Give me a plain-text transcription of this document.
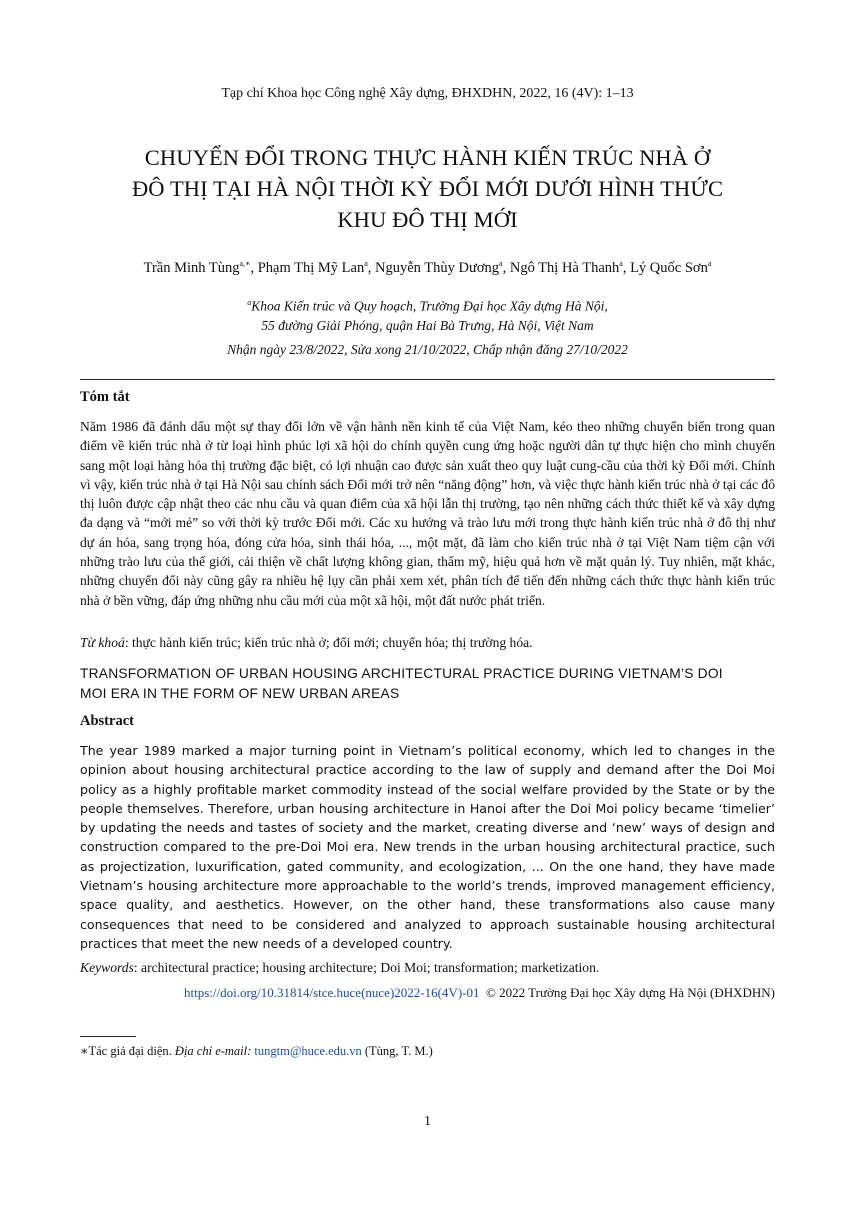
Tạp chí Khoa học Công nghệ Xây dựng, ĐHXDHN, 2022, 16 (4V): 1–13
CHUYỂN ĐỔI TRONG THỰC HÀNH KIẾN TRÚC NHÀ Ở
ĐÔ THỊ TẠI HÀ NỘI THỜI KỲ ĐỔI MỚI DƯỚI HÌNH THỨC
KHU ĐÔ THỊ MỚI
Trần Minh Tùng$^{a,∗}$, Phạm Thị Mỹ Lan$^a$, Nguyễn Thùy Dương$^a$, Ngô Thị Hà Thanh$^a$, Lý Quốc Sơn$^a$
$^a$Khoa Kiến trúc và Quy hoạch, Trường Đại học Xây dựng Hà Nội,
55 đường Giải Phóng, quận Hai Bà Trưng, Hà Nội, Việt Nam
Nhận ngày 23/8/2022, Sửa xong 21/10/2022, Chấp nhận đăng 27/10/2022
Tóm tắt
Năm 1986 đã đánh dấu một sự thay đổi lớn về vận hành nền kinh tế của Việt Nam, kéo theo những chuyển biến trong quan điểm về kiến trúc nhà ở từ loại hình phúc lợi xã hội do chính quyền cung ứng hoặc người dân tự thực hiện cho mình chuyển sang một loại hàng hóa thị trường đặc biệt, có lợi nhuận cao được sản xuất theo quy luật cung-cầu của thời kỳ Đổi mới. Chính vì vậy, kiến trúc nhà ở tại Hà Nội sau chính sách Đổi mới trở nên “năng động” hơn, và việc thực hành kiến trúc nhà ở tại các đô thị luôn được cập nhật theo các nhu cầu và quan điểm của xã hội lẫn thị trường, tạo nên những cách thức thiết kế và xây dựng đa dạng và “mới mẻ” so với thời kỳ trước Đổi mới. Các xu hướng và trào lưu mới trong thực hành kiến trúc nhà ở đô thị như dự án hóa, sang trọng hóa, đóng cửa hóa, sinh thái hóa, ..., một mặt, đã làm cho kiến trúc nhà ở tại Việt Nam tiệm cận với những trào lưu của thế giới, cải thiện về chất lượng không gian, thẩm mỹ, hiệu quả hơn về mặt quản lý. Tuy nhiên, mặt khác, những chuyển đổi này cũng gây ra nhiều hệ lụy cần phải xem xét, phân tích để tiến đến những cách thức thực hành kiến trúc nhà ở bền vững, đáp ứng những nhu cầu mới của một xã hội, một đất nước phát triển.
Từ khoá: thực hành kiến trúc; kiến trúc nhà ở; đổi mới; chuyển hóa; thị trường hóa.
TRANSFORMATION OF URBAN HOUSING ARCHITECTURAL PRACTICE DURING VIETNAM’S DOI
MOI ERA IN THE FORM OF NEW URBAN AREAS
Abstract
The year 1989 marked a major turning point in Vietnam’s political economy, which led to changes in the opinion about housing architectural practice according to the law of supply and demand after the Doi Moi policy as a highly profitable market commodity instead of the social welfare provided by the State or by the people themselves. Therefore, urban housing architecture in Hanoi after the Doi Moi policy became ‘timelier’ by updating the needs and tastes of society and the market, creating diverse and ‘new’ ways of design and construction compared to the pre-Doi Moi era. New trends in the urban housing architectural practice, such as projectization, luxurification, gated community, and ecologization, ... On the one hand, they have made Vietnam’s housing architecture more approachable to the world’s trends, improved management efficiency, space quality, and aesthetics. However, on the other hand, these transformations also cause many consequences that need to be considered and analyzed to approach sustainable housing architectural practices that meet the new needs of a developed country.
Keywords: architectural practice; housing architecture; Doi Moi; transformation; marketization.
https://doi.org/10.31814/stce.huce(nuce)2022-16(4V)-01 © 2022 Trường Đại học Xây dựng Hà Nội (ĐHXDHN)
∗Tác giả đại diện. Địa chỉ e-mail: tungtm@huce.edu.vn (Tùng, T. M.)
1
